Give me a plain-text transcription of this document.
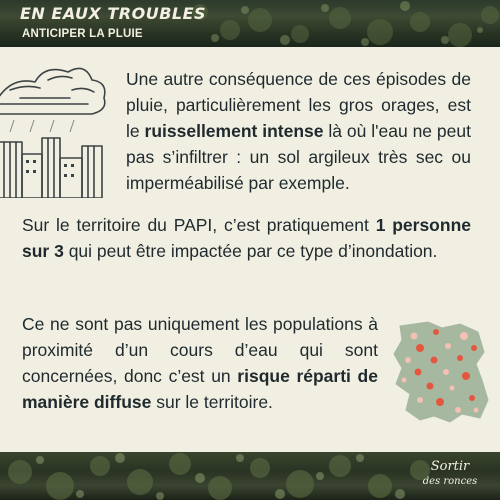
EN EAUX TROUBLES
ANTICIPER LA PLUIE

Une autre conséquence de ces épisodes de pluie, particulièrement les gros orages, est le ruissellement intense là où l'eau ne peut pas s’infiltrer : un sol argileux très sec ou imperméabilisé par exemple.

Sur le territoire du PAPI, c’est pratiquement 1 personne sur 3 qui peut être impactée par ce type d’inondation.

Ce ne sont pas uniquement les populations à proximité d’un cours d’eau qui sont concernées, donc c’est un risque réparti de manière diffuse sur le territoire.

Sortir
des ronces
